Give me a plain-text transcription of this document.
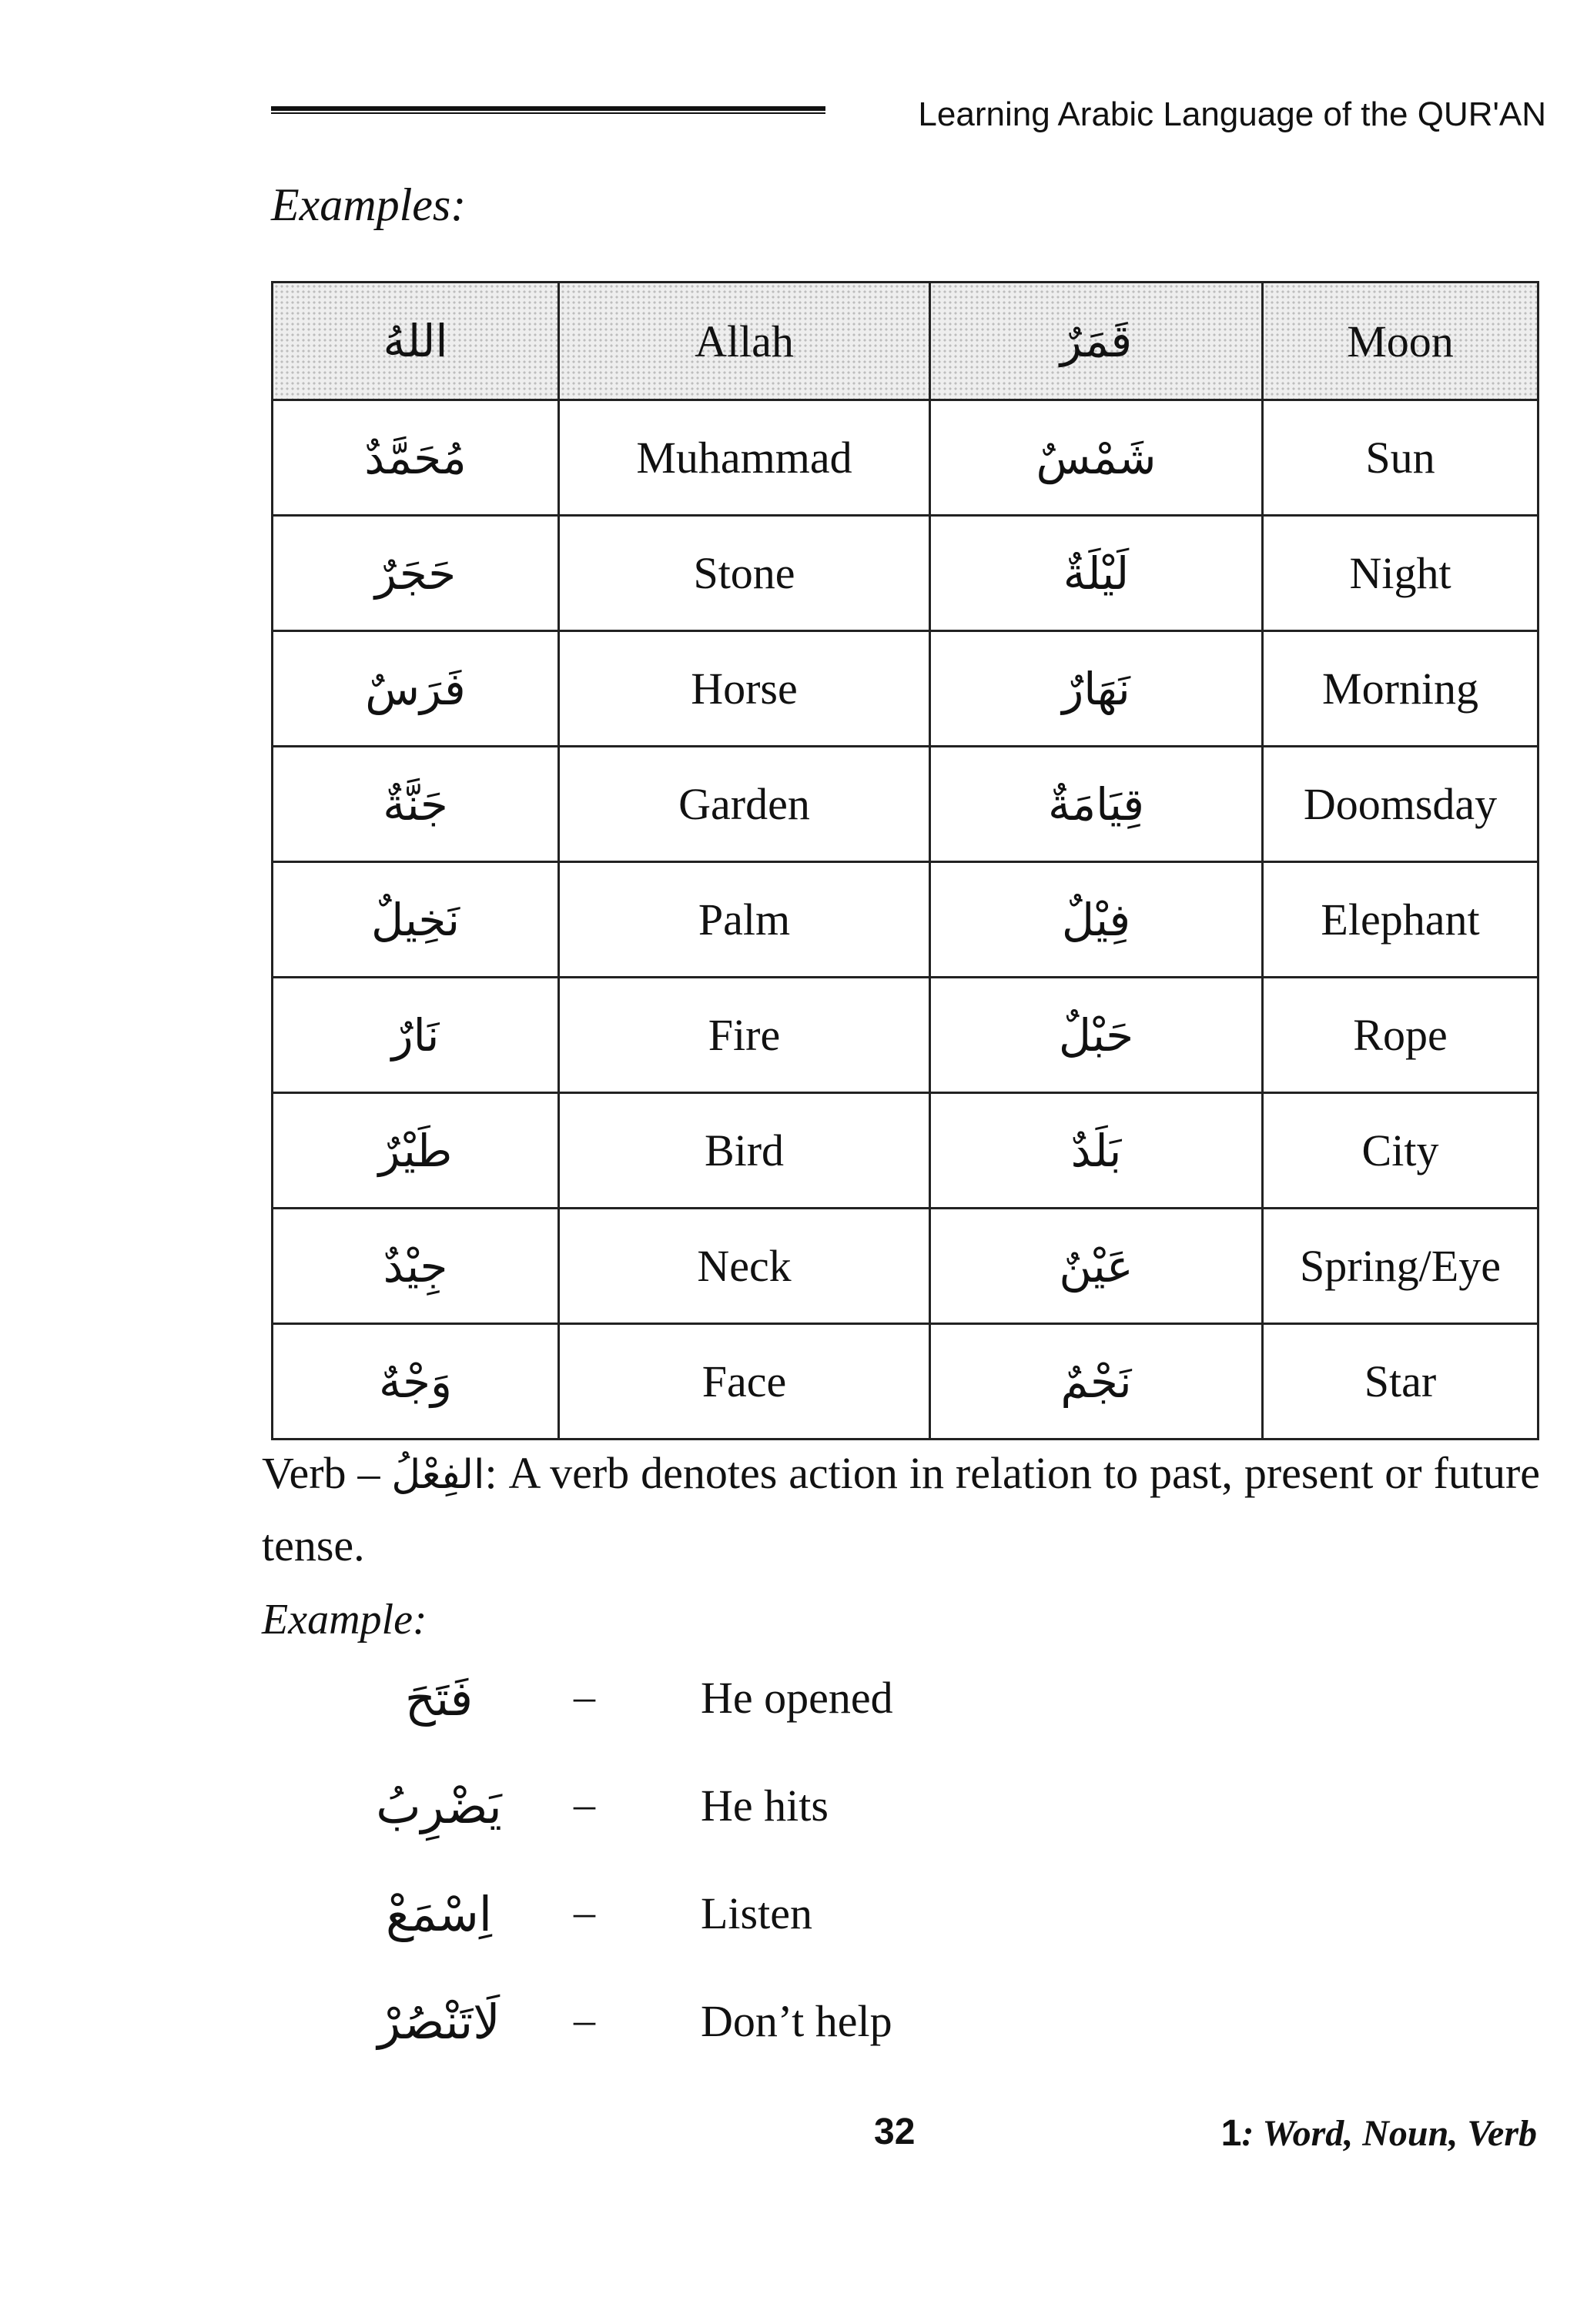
Learning Arabic Language of the QUR'AN
Examples:
اللهُ	Allah	قَمَرٌ	Moon
مُحَمَّدٌ	Muhammad	شَمْسٌ	Sun
حَجَرٌ	Stone	لَيْلَةٌ	Night
فَرَسٌ	Horse	نَهَارٌ	Morning
جَنَّةٌ	Garden	قِيَامَةٌ	Doomsday
نَخِيلٌ	Palm	فِيْلٌ	Elephant
نَارٌ	Fire	حَبْلٌ	Rope
طَيْرٌ	Bird	بَلَدٌ	City
جِيْدٌ	Neck	عَيْنٌ	Spring/Eye
وَجْهٌ	Face	نَجْمٌ	Star
Verb – الفِعْلُ: A verb denotes action in relation to past, present or future tense.
Example:
فَتَحَ	– He opened
يَضْرِبُ	– He hits
اِسْمَعْ	– Listen
لَاتَنْصُرْ	– Don’t help
32	1: Word, Noun, Verb
